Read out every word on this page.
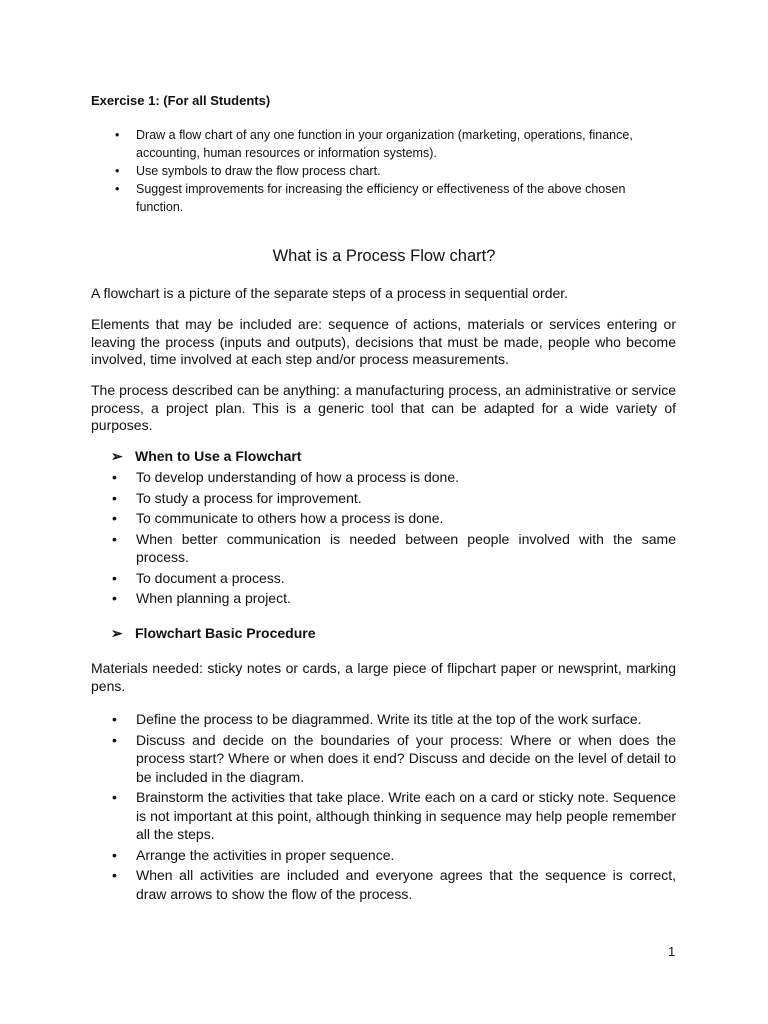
Exercise 1: (For all Students)
• Draw a flow chart of any one function in your organization (marketing, operations, finance, accounting, human resources or information systems).
• Use symbols to draw the flow process chart.
• Suggest improvements for increasing the efficiency or effectiveness of the above chosen function.
What is a Process Flow chart?

A flowchart is a picture of the separate steps of a process in sequential order.

Elements that may be included are: sequence of actions, materials or services entering or leaving the process (inputs and outputs), decisions that must be made, people who become involved, time involved at each step and/or process measurements.

The process described can be anything: a manufacturing process, an administrative or service process, a project plan. This is a generic tool that can be adapted for a wide variety of purposes.

➢ When to Use a Flowchart
• To develop understanding of how a process is done.
• To study a process for improvement.
• To communicate to others how a process is done.
• When better communication is needed between people involved with the same process.
• To document a process.
• When planning a project.
➢ Flowchart Basic Procedure

Materials needed: sticky notes or cards, a large piece of flipchart paper or newsprint, marking pens.

• Define the process to be diagrammed. Write its title at the top of the work surface.
• Discuss and decide on the boundaries of your process: Where or when does the process start? Where or when does it end? Discuss and decide on the level of detail to be included in the diagram.
• Brainstorm the activities that take place. Write each on a card or sticky note. Sequence is not important at this point, although thinking in sequence may help people remember all the steps.
• Arrange the activities in proper sequence.
• When all activities are included and everyone agrees that the sequence is correct, draw arrows to show the flow of the process.
1
